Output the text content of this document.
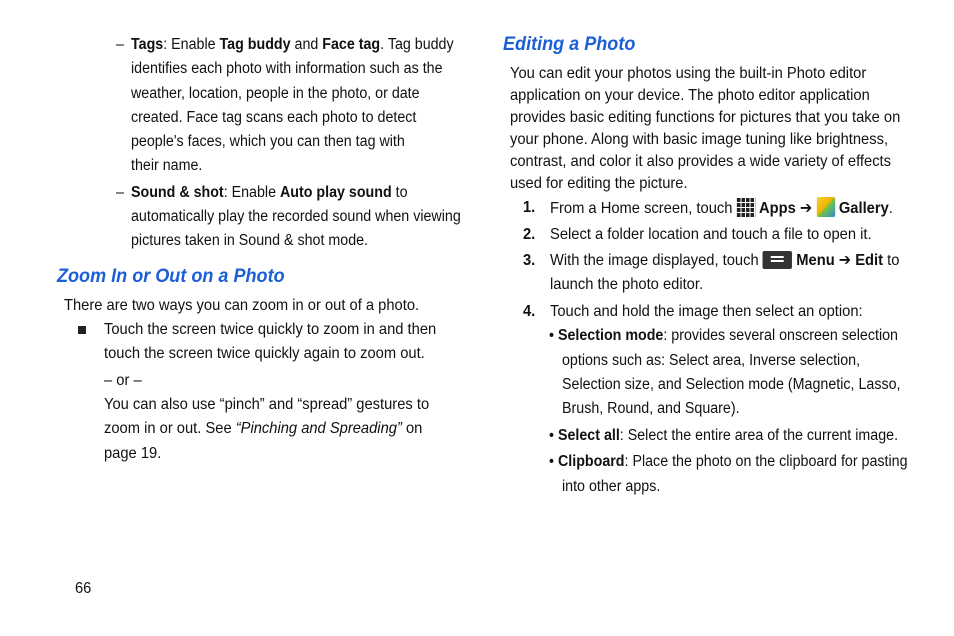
– Tags: Enable Tag buddy and Face tag. Tag buddy
identifies each photo with information such as the
weather, location, people in the photo, or date
created. Face tag scans each photo to detect
people's faces, which you can then tag with
their name.
– Sound & shot: Enable Auto play sound to
automatically play the recorded sound when viewing
pictures taken in Sound & shot mode.
Zoom In or Out on a Photo
There are two ways you can zoom in or out of a photo.
Touch the screen twice quickly to zoom in and then
touch the screen twice quickly again to zoom out.
– or –
You can also use “pinch” and “spread” gestures to
zoom in or out. See “Pinching and Spreading” on
page 19.
66
Editing a Photo
You can edit your photos using the built-in Photo editor
application on your device. The photo editor application
provides basic editing functions for pictures that you take on
your phone. Along with basic image tuning like brightness,
contrast, and color it also provides a wide variety of effects
used for editing the picture.
1. From a Home screen, touch  Apps ➔  Gallery.
2. Select a folder location and touch a file to open it.
3. With the image displayed, touch  Menu ➔ Edit to
launch the photo editor.
4. Touch and hold the image then select an option:
• Selection mode: provides several onscreen selection
options such as: Select area, Inverse selection,
Selection size, and Selection mode (Magnetic, Lasso,
Brush, Round, and Square).
• Select all: Select the entire area of the current image.
• Clipboard: Place the photo on the clipboard for pasting
into other apps.
